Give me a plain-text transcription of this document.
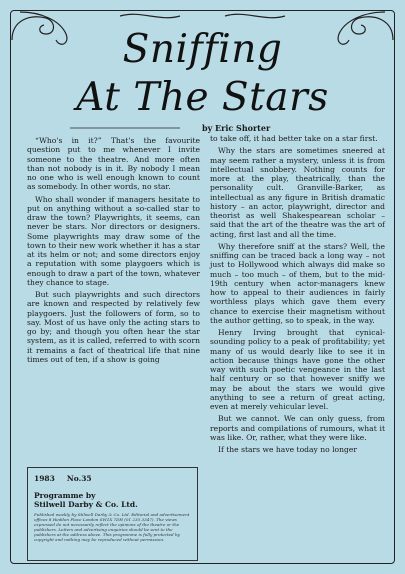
Sniffing
At The Stars
by Eric Shorter

“Who's in it?” That's the favourite question put to me whenever I invite someone to the theatre. And more often than not nobody is in it. By nobody I mean no one who is well enough known to count as somebody. In other words, no star.

Who shall wonder if managers hesitate to put on anything without a so-called star to draw the town? Playwrights, it seems, can never be stars. Nor directors or designers. Some playwrights may draw some of the town to their new work whether it has a star at its helm or not; and some directors enjoy a reputation with some playgoers which is enough to draw a part of the town, whatever they chance to stage.

But such playwrights and such directors are known and respected by relatively few playgoers. Just the followers of form, so to say. Most of us have only the acting stars to go by; and though you often hear the star system, as it is called, referred to with scorn it remains a fact of theatrical life that nine times out of ten, if a show is going

to take off, it had better take on a star first.

Why the stars are sometimes sneered at may seem rather a mystery, unless it is from intellectual snobbery. Nothing counts for more at the play, theatrically, than the personality cult. Granville-Barker, as intellectual as any figure in British dramatic history – an actor, playwright, director and theorist as well Shakespearean scholar – said that the art of the theatre was the art of acting, first last and all the time.

Why therefore sniff at the stars? Well, the sniffing can be traced back a long way – not just to Hollywood which always did make so much – too much – of them, but to the mid-19th century when actor-managers knew how to appeal to their audiences in fairly worthless plays which gave them every chance to exercise their magnetism without the author getting, so to speak, in the way.

Henry Irving brought that cynical-sounding policy to a peak of profitability; yet many of us would dearly like to see it in action because things have gone the other way with such poetic vengeance in the last half century or so that however sniffy we may be about the stars we would give anything to see a return of great acting, even at merely vehicular level.

But we cannot. We can only guess, from reports and compilations of rumours, what it was like. Or, rather, what they were like.

If the stars we have today no longer

1983 No.35
Programme by
Stilwell Darby & Co. Ltd.
Published weekly by Stilwell Darby & Co. Ltd. Editorial and advertisement offices 8 Heddon Place London SW1X 7DH (01 235 3347). The views expressed do not necessarily reflect the opinions of the theatre or the publishers. Letters and advertising enquiries should be sent to the publishers at the address above. This programme is fully protected by copyright and nothing may be reproduced without permission.
